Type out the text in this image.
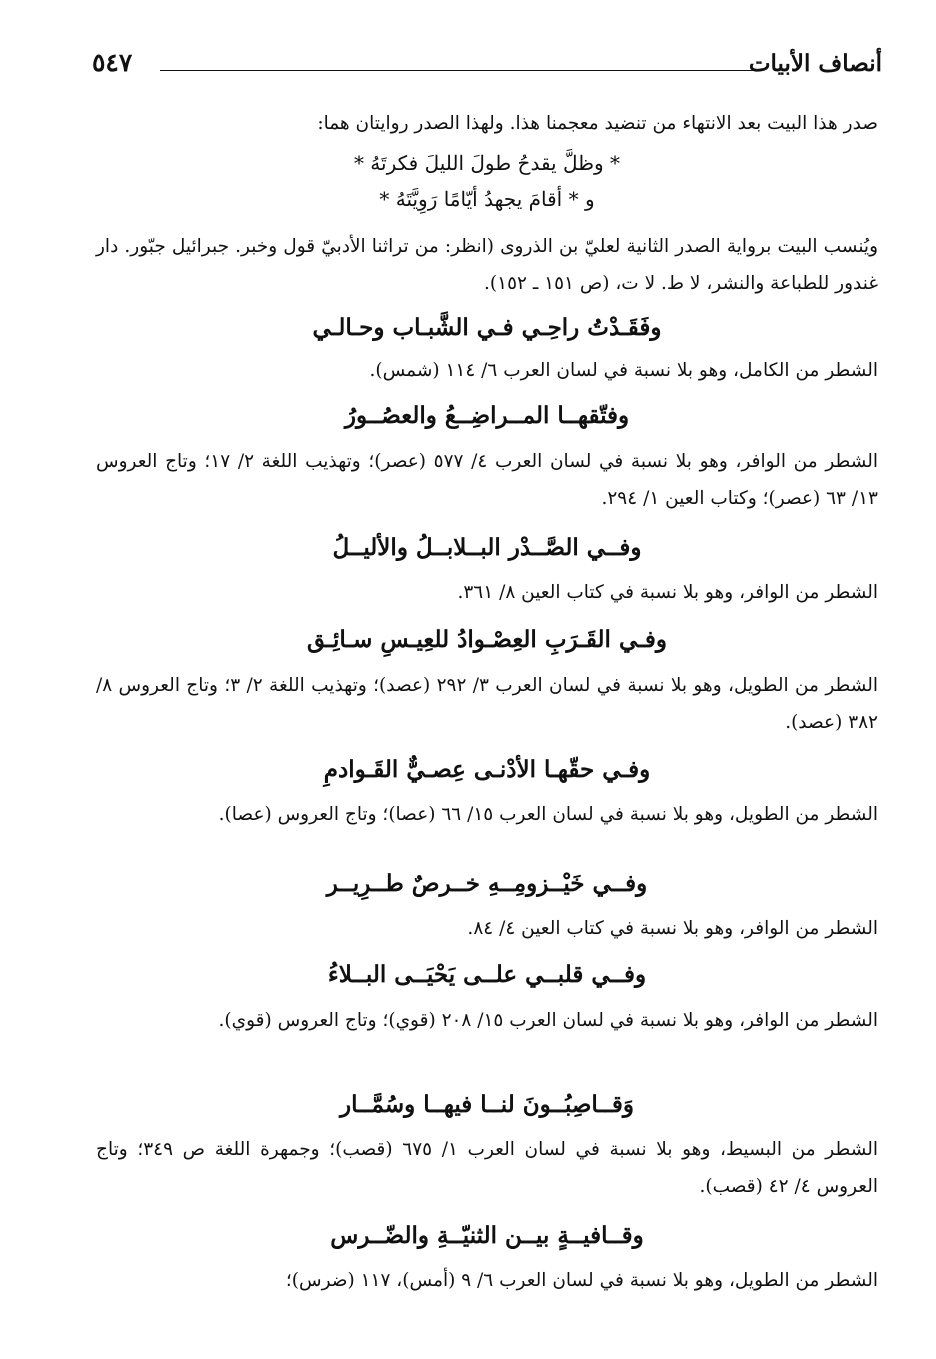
أنصاف الأبيات
٥٤٧
صدر هذا البيت بعد الانتهاء من تنضيد معجمنا هذا. ولهذا الصدر روايتان هما:
* وظلَّ يقدحُ طولَ الليلَ فكرتَهُ *
و * أقامَ يجهدُ أيّامًا رَوِيَّتَهُ *
ويُنسب البيت برواية الصدر الثانية لعليّ بن الذروى (انظر: من تراثنا الأدبيّ قول وخبر. جبرائيل جبّور. دار غندور للطباعة والنشر، لا ط. لا ت، (ص ١٥١ ـ ١٥٢).
وفَقَـدْتُ راحِـي فـي الشَّبـاب وحـالـي
الشطر من الكامل، وهو بلا نسبة في لسان العرب ٦/ ١١٤ (شمس).
وفتّقهــا المــراضِــعُ والعصُــورُ
الشطر من الوافر، وهو بلا نسبة في لسان العرب ٤/ ٥٧٧ (عصر)؛ وتهذيب اللغة ٢/ ١٧؛ وتاج العروس ١٣/ ٦٣ (عصر)؛ وكتاب العين ١/ ٢٩٤.
وفــي الصَّــدْر البــلابــلُ والأليــلُ
الشطر من الوافر، وهو بلا نسبة في كتاب العين ٨/ ٣٦١.
وفـي القَـرَبِ العِصْـوادُ للعِيـسِ سـائِـق
الشطر من الطويل، وهو بلا نسبة في لسان العرب ٣/ ٢٩٢ (عصد)؛ وتهذيب اللغة ٢/ ٣؛ وتاج العروس ٨/ ٣٨٢ (عصد).
وفـي حقّهـا الأدْنـى عِصـيٌّ القَـوادمِ
الشطر من الطويل، وهو بلا نسبة في لسان العرب ١٥/ ٦٦ (عصا)؛ وتاج العروس (عصا).
وفــي خَيْــزومِــهِ خــرصٌ طــرِيــر
الشطر من الوافر، وهو بلا نسبة في كتاب العين ٤/ ٨٤.
وفــي قلبــي علــى يَحْيَــى البــلاءُ
الشطر من الوافر، وهو بلا نسبة في لسان العرب ١٥/ ٢٠٨ (قوي)؛ وتاج العروس (قوي).
وَقــاصِبُــونَ لنــا فيهــا وسُمَّــار
الشطر من البسيط، وهو بلا نسبة في لسان العرب ١/ ٦٧٥ (قصب)؛ وجمهرة اللغة ص ٣٤٩؛ وتاج العروس ٤/ ٤٢ (قصب).
وقــافيــةٍ بيــن الثنيّــةِ والضّــرس
الشطر من الطويل، وهو بلا نسبة في لسان العرب ٦/ ٩ (أمس)، ١١٧ (ضرس)؛
